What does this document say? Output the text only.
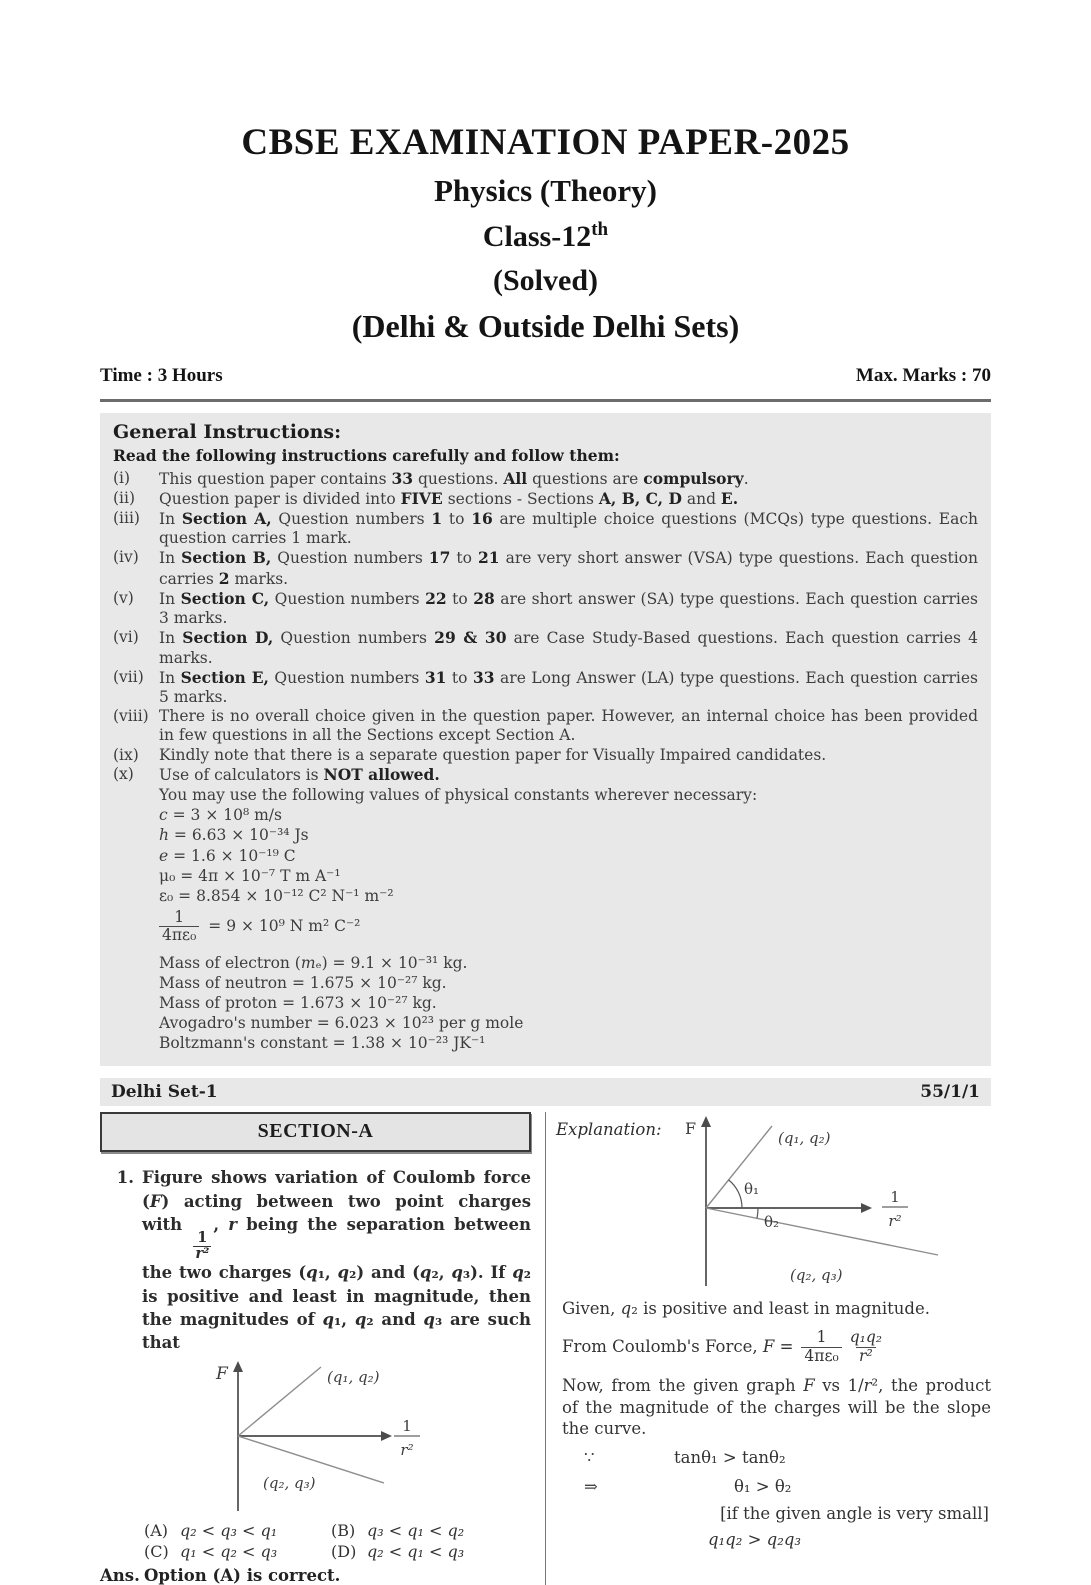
CBSE EXAMINATION PAPER-2025
Physics (Theory)
Class-12th
(Solved)
(Delhi & Outside Delhi Sets)
Time : 3 Hours	Max. Marks : 70
General Instructions:
Read the following instructions carefully and follow them:
(i)	This question paper contains 33 questions. All questions are compulsory.
(ii)	Question paper is divided into FIVE sections - Sections A, B, C, D and E.
(iii)	In Section A, Question numbers 1 to 16 are multiple choice questions (MCQs) type questions. Each question carries 1 mark.
(iv)	In Section B, Question numbers 17 to 21 are very short answer (VSA) type questions. Each question carries 2 marks.
(v)	In Section C, Question numbers 22 to 28 are short answer (SA) type questions. Each question carries 3 marks.
(vi)	In Section D, Question numbers 29 & 30 are Case Study-Based questions. Each question carries 4 marks.
(vii) In Section E, Question numbers 31 to 33 are Long Answer (LA) type questions. Each question carries 5 marks.
(viii) There is no overall choice given in the question paper. However, an internal choice has been provided in few questions in all the Sections except Section A.
(ix)	Kindly note that there is a separate question paper for Visually Impaired candidates.
(x)	Use of calculators is NOT allowed.
You may use the following values of physical constants wherever necessary:
c = 3 × 10⁸ m/s
h = 6.63 × 10⁻³⁴ Js
e = 1.6 × 10⁻¹⁹ C
μ₀ = 4π × 10⁻⁷ T m A⁻¹
ε₀ = 8.854 × 10⁻¹² C² N⁻¹ m⁻²
$\frac{1}{\text{4πε₀}} = 9 \times 10^9$ N m² C⁻²
Mass of electron (mₑ) = 9.1 × 10⁻³¹ kg.
Mass of neutron = 1.675 × 10⁻²⁷ kg.
Mass of proton = 1.673 × 10⁻²⁷ kg.
Avogadro's number = 6.023 × 10²³ per g mole
Boltzmann's constant = 1.38 × 10⁻²³ JK⁻¹
Delhi Set-1	55/1/1
SECTION-A
1. Figure shows variation of Coulomb force (F) acting between two point charges with
$\frac{1}{\text{r²}}$
, r being the separation between the two charges (q₁, q₂) and (q₂, q₃). If q₂ is positive and least in magnitude, then the magnitudes of q₁, q₂ and q₃ are such that
F
1
r²
(q₁, q₂)
(q₂, q₃)
(A) q₂ < q₃ < q₁	(B) q₃ < q₁ < q₂
(C) q₁ < q₂ < q₃	(D) q₂ < q₁ < q₃
Ans. Option (A) is correct.
Explanation: F
1
r²
(q₁, q₂)
θ₁
θ₂
(q₂, q₃)
Given, q₂ is positive and least in magnitude.
From Coulomb's Force, $F = \frac{1}{\text{4πε₀}} \frac{\text{q₁q₂}}{\text{r²}}$
Now, from the given graph F vs 1/r², the product of the magnitude of the charges will be the slope the curve.
∵	tanθ₁ > tanθ₂
⇒	θ₁ > θ₂
[if the given angle is very small]
q₁q₂ > q₂q₃
